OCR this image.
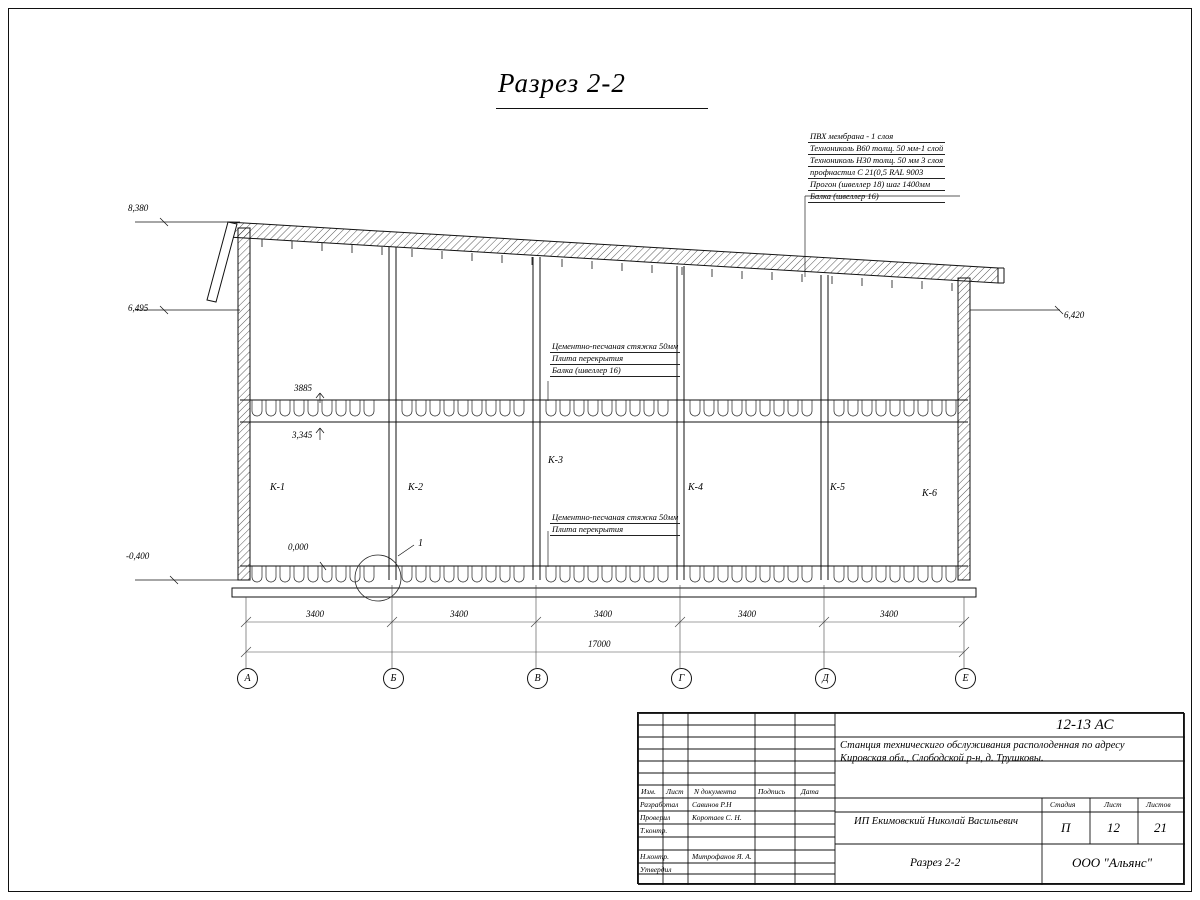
Разрез 2-2
ПВХ мембрана - 1 слоя
Технониколь В60 толщ. 50 мм-1 слой
Технониколь Н30 толщ. 50 мм 3 слоя
профнастил С 21(0,5 RAL 9003
Прогон (швеллер 18) шаг 1400мм
Балка (швеллер 16)
Цементно-песчаная стяжка 50мм
Плита перекрытия
Балка (швеллер 16)
Цементно-песчаная стяжка 50мм
Плита перекрытия
8,380
6,495
-0,400
6,420
3885
3,345
0,000
К-1	К-2
К-3
К-4	К-5
К-6
1
3400	3400	3400	3400	3400
17000
А	Б	В	Г	Д	Е
12-13 АС
Станция техническиго обслуживания располоденная по адресу
Кировская обл., Слободской р-н, д. Трушковы.
ИП Екимовский Николай Васильевич
Разрез 2-2	ООО "Альянс"
Стадия	Лист	Листов
П	12	21
Изм. Лист N документа	Подпись Дата
Разработал Савинов Р.Н
Проверил	Коротаев С. Н.
Т.контр.
Н.контр.	Митрофанов Я. А.
Утвердил
